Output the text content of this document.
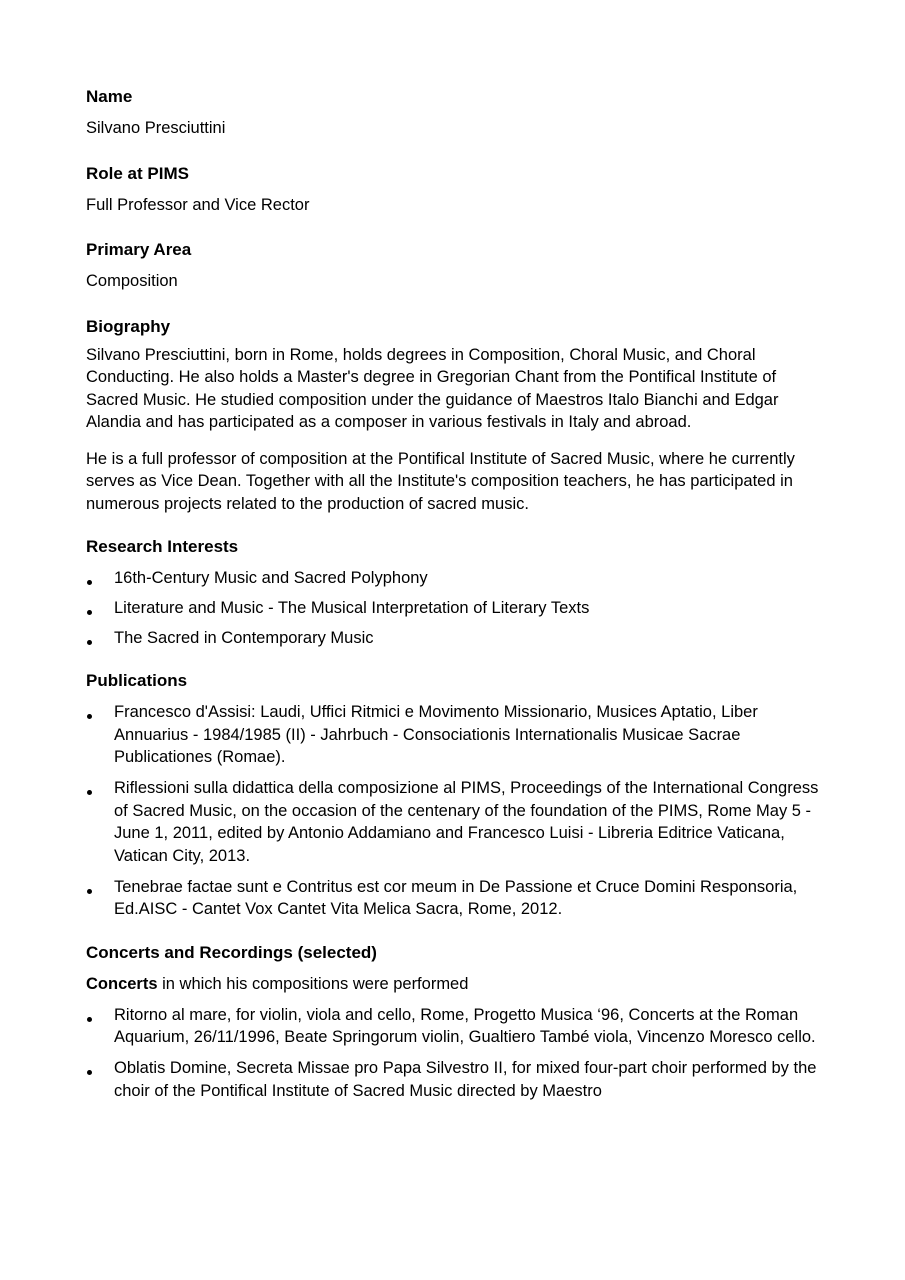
Name

Silvano Presciuttini

Role at PIMS

Full Professor and Vice Rector

Primary Area

Composition

Biography

Silvano Presciuttini, born in Rome, holds degrees in Composition, Choral Music, and Choral Conducting. He also holds a Master's degree in Gregorian Chant from the Pontifical Institute of Sacred Music. He studied composition under the guidance of Maestros Italo Bianchi and Edgar Alandia and has participated as a composer in various festivals in Italy and abroad.

He is a full professor of composition at the Pontifical Institute of Sacred Music, where he currently serves as Vice Dean. Together with all the Institute's composition teachers, he has participated in numerous projects related to the production of sacred music.

Research Interests

16th-Century Music and Sacred Polyphony
Literature and Music - The Musical Interpretation of Literary Texts
The Sacred in Contemporary Music

Publications

Francesco d'Assisi: Laudi, Uffici Ritmici e Movimento Missionario, Musices Aptatio, Liber Annuarius - 1984/1985 (II) - Jahrbuch - Consociationis Internationalis Musicae Sacrae Publicationes (Romae).
Riflessioni sulla didattica della composizione al PIMS, Proceedings of the International Congress of Sacred Music, on the occasion of the centenary of the foundation of the PIMS, Rome May 5 - June 1, 2011, edited by Antonio Addamiano and Francesco Luisi - Libreria Editrice Vaticana, Vatican City, 2013.
Tenebrae factae sunt e Contritus est cor meum in De Passione et Cruce Domini Responsoria, Ed.AISC - Cantet Vox Cantet Vita Melica Sacra, Rome, 2012.

Concerts and Recordings (selected)

Concerts in which his compositions were performed

Ritorno al mare, for violin, viola and cello, Rome, Progetto Musica ‘96, Concerts at the Roman Aquarium, 26/11/1996, Beate Springorum violin, Gualtiero També viola, Vincenzo Moresco cello.
Oblatis Domine, Secreta Missae pro Papa Silvestro II, for mixed four-part choir performed by the choir of the Pontifical Institute of Sacred Music directed by Maestro
